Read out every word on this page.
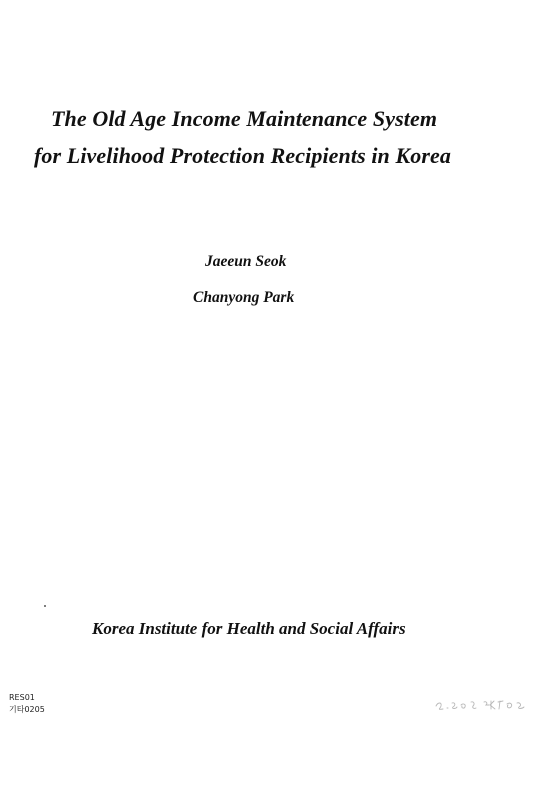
The Old Age Income Maintenance System
for Livelihood Protection Recipients in Korea
Jaeeun Seok
Chanyong Park
Korea Institute for Health and Social Affairs
RES01
기타0205
